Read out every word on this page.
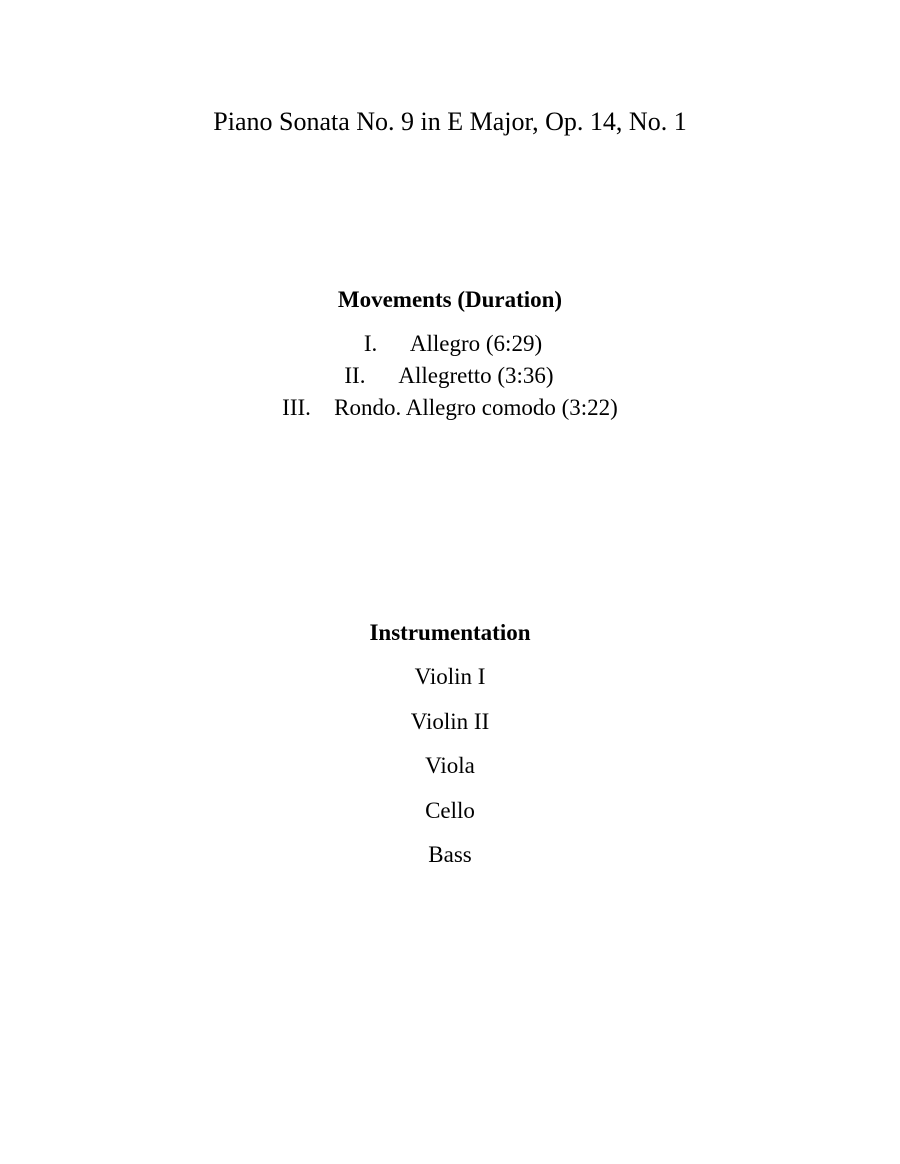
Piano Sonata No. 9 in E Major, Op. 14, No. 1
Movements (Duration)
I.	Allegro (6:29)
II.	Allegretto (3:36)
III.	Rondo. Allegro comodo (3:22)
Instrumentation
Violin I
Violin II
Viola
Cello
Bass
